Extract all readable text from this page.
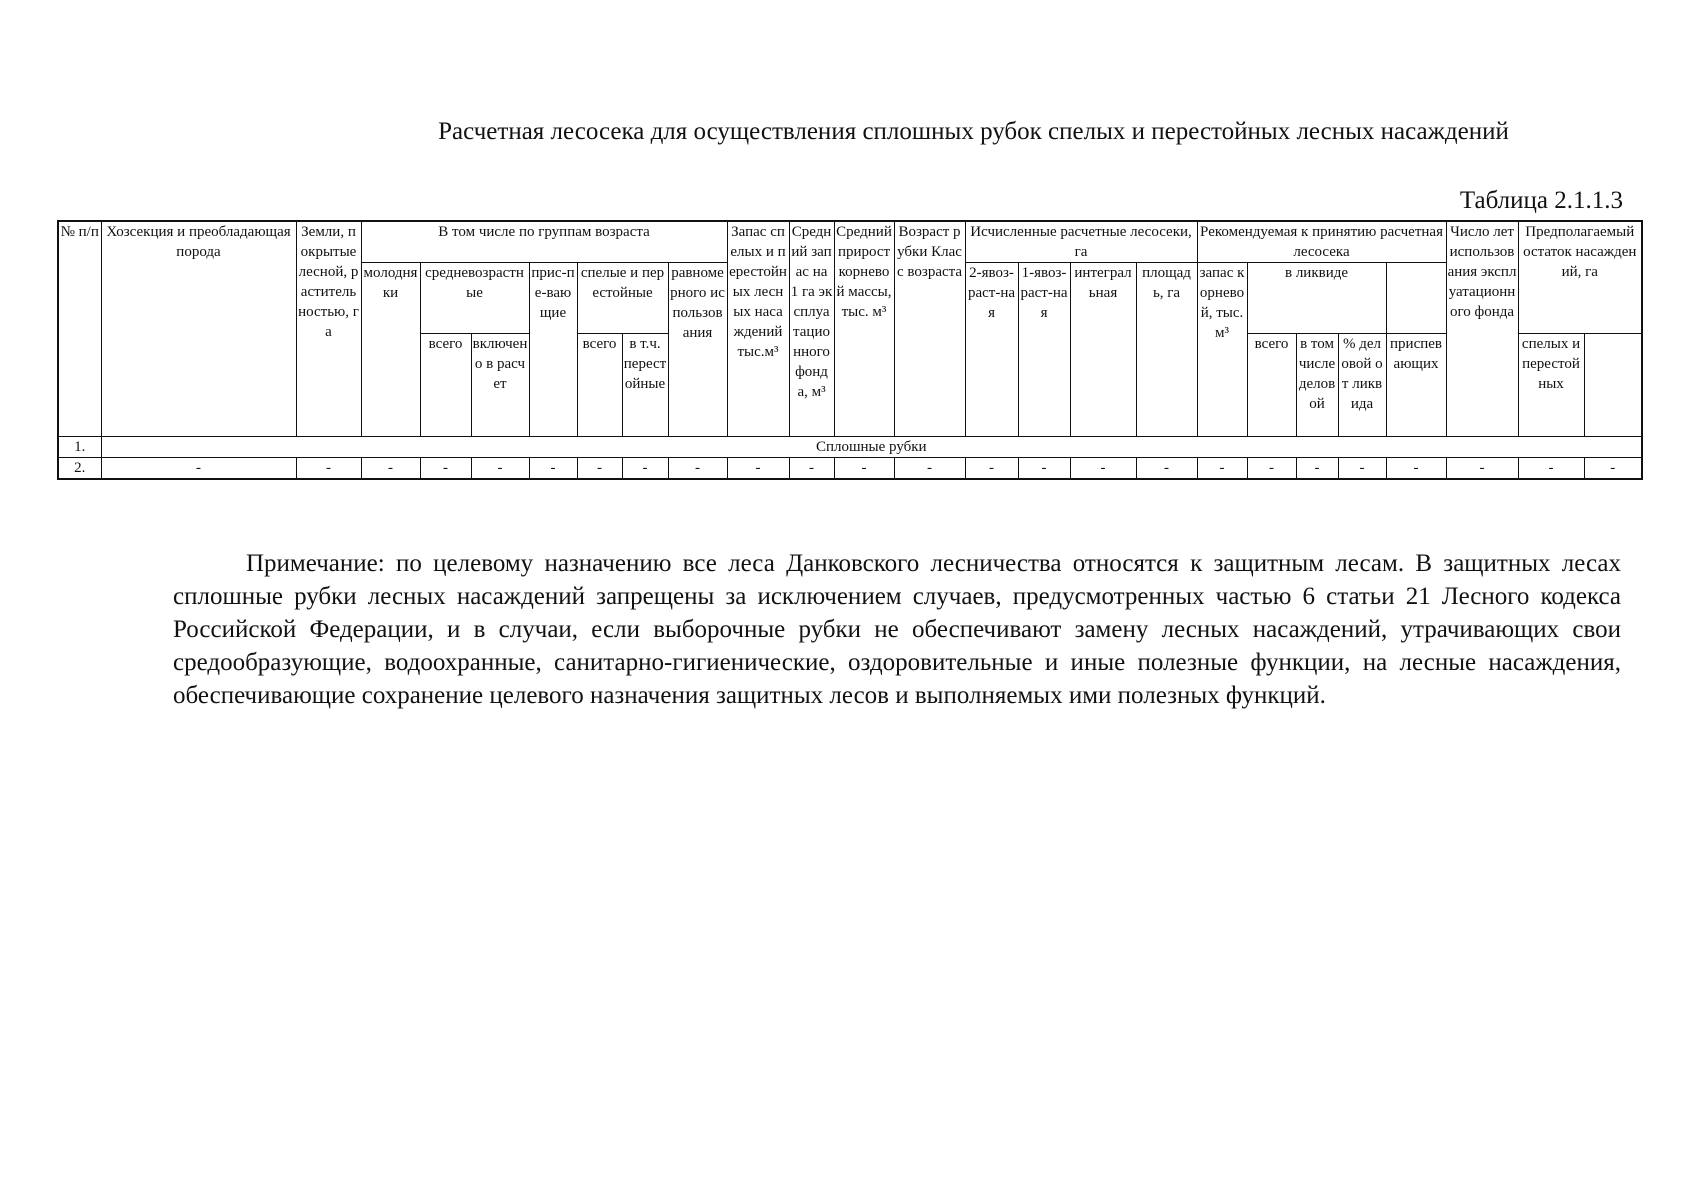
Расчетная лесосека для осуществления сплошных рубок спелых и перестойных лесных насаждений
Таблица 2.1.1.3
№ п/п	Хозсекция и преобладающая порода	Земли, покрытые лесной, растительностью, га	В том числе по группам возраста							Запас спелых и перестойных лесных насаждений тыс.м³	Средний запас на 1 га эксплуатационного фонда, м³	Средний прирост корневой массы, тыс. м³	Возраст рубки Класс возраста	Исчисленные расчетные лесосеки, га				Рекомендуемая к принятию расчетная лесосека					Число лет использования эксплуатационного фонда	Предполагаемый остаток насаждений, га	
			молодняки	средневозрастные		прис-пе-вающие	спелые и перестойные		равномерного использования					2-явоз-раст-ная	1-явоз-раст-ная	интегральная	площадь, га	запас корневой, тыс.м³	в ликвиде						
				всего	включено в расчет		всего	в т.ч. перестойные											всего	в том числе деловой	% деловой от ликвида	приспевающих		спелых и перестойных	
1.	Сплошные рубки																								
2.	-	-	-	-	-	-	-	-	-	-	-	-	-	-	-	-	-	-	-	-	-	-	-	-	-

Примечание: по целевому назначению все леса Данковского лесничества относятся к защитным лесам. В защитных лесах сплошные рубки лесных насаждений запрещены за исключением случаев, предусмотренных частью 6 статьи 21 Лесного кодекса Российской Федерации, и в случаи, если выборочные рубки не обеспечивают замену лесных насаждений, утрачивающих свои средообразующие, водоохранные, санитарно-гигиенические, оздоровительные и иные полезные функции, на лесные насаждения, обеспечивающие сохранение целевого назначения защитных лесов и выполняемых ими полезных функций.
